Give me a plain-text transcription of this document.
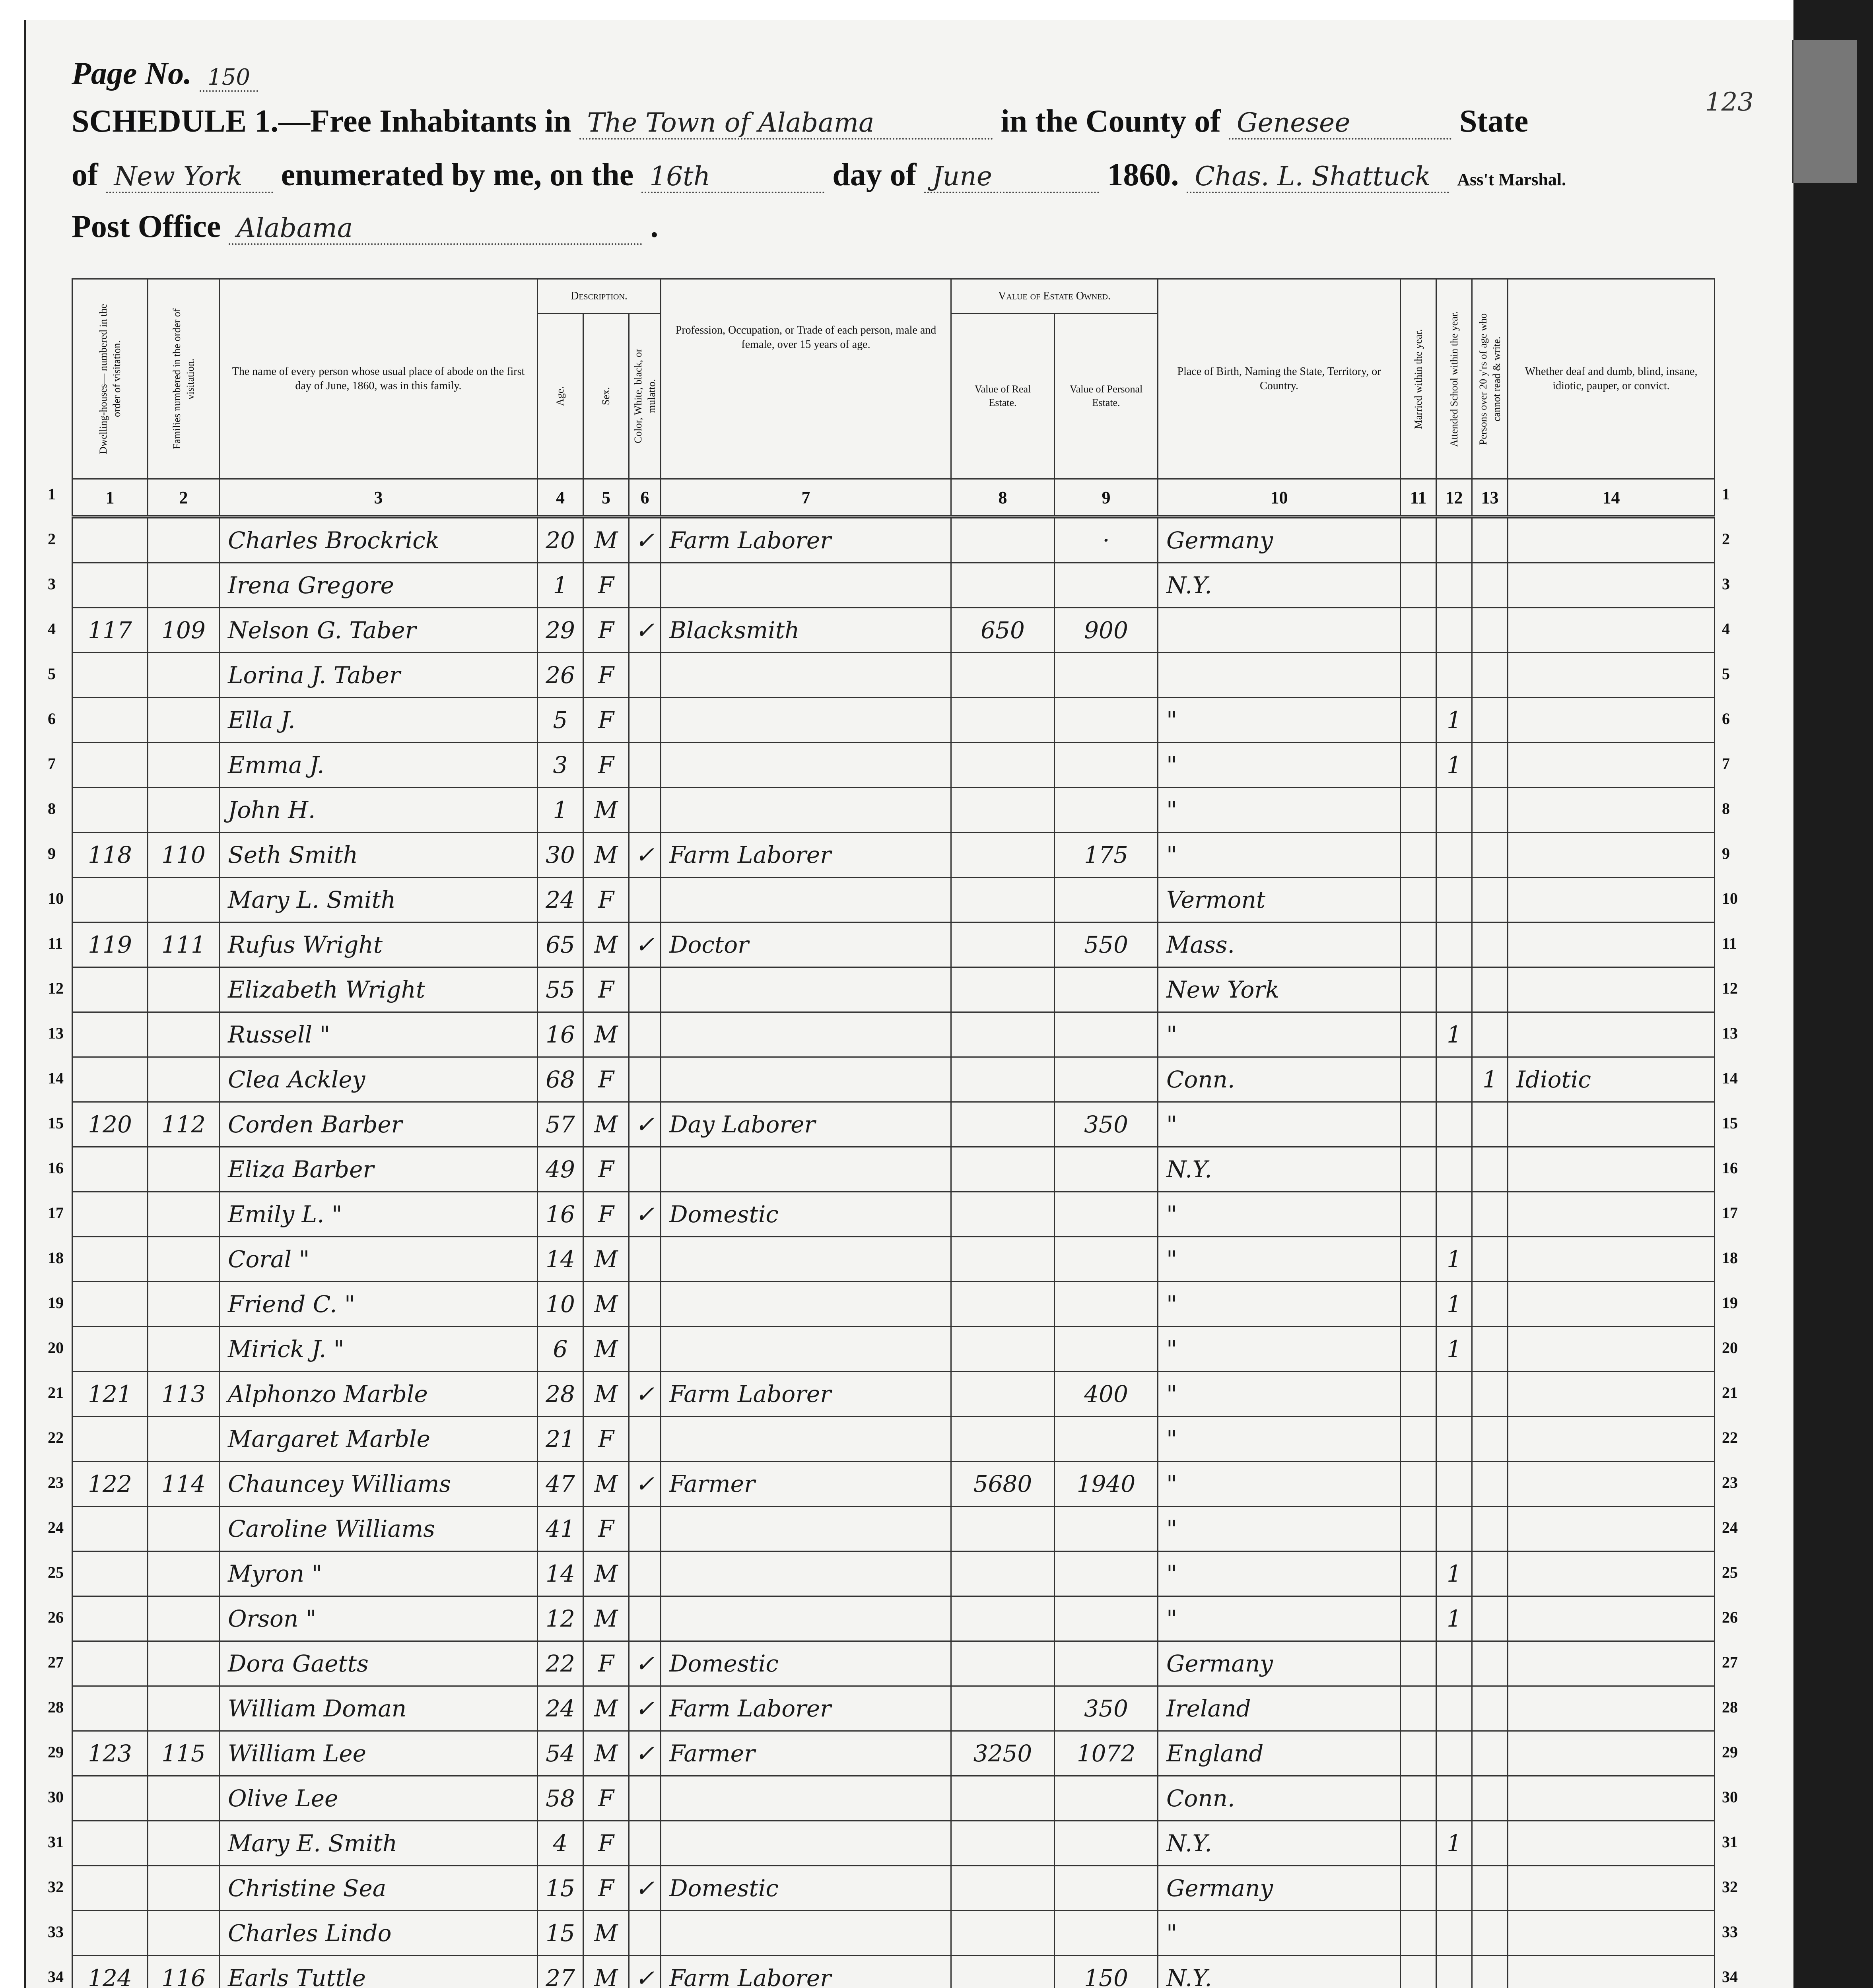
Page No. 150
123
SCHEDULE 1.—Free Inhabitants in The Town of Alabama	in the County of Genesee	State
of New York enumerated by me, on the 16th	day of June	1860. Chas. L. Shattuck Ass't Marshal.
Post Office Alabama	.
Dwelling-houses— numbered in the order of visitation.	Families numbered in the order of visitation.	The name of every person whose usual place of abode on the first day of June, 1860, was in this family.	Description.			Profession, Occupation, or Trade of each person, male and female, over 15 years of age.	Value of Estate Owned.		Place of Birth, Naming the State, Territory, or Country.	Married within the year.	Attended School within the year.	Persons over 20 y'rs of age who cannot read & write.	Whether deaf and dumb, blind, insane, idiotic, pauper, or convict.

			Age.	Sex.	Color, White, black, or mulatto.		Value of Real Estate.	Value of Personal Estate.					
1	2	3	4	5	6	7	8	9	10	11	12	13	14
		Charles Brockrick	20	M	✓	Farm Laborer		·	Germany				
		Irena Gregore	1	F					N.Y.				
117	109	Nelson G. Taber	29	F	✓	Blacksmith	650	900					
		Lorina J. Taber	26	F									
		Ella J.	5	F					"		1		
		Emma J.	3	F					"		1		
		John H.	1	M					"				
118	110	Seth Smith	30	M	✓	Farm Laborer		175	"				
		Mary L. Smith	24	F					Vermont				
119	111	Rufus Wright	65	M	✓	Doctor		550	Mass.				
		Elizabeth Wright	55	F					New York				
		Russell "	16	M					"		1		
		Clea Ackley	68	F					Conn.			1	Idiotic
120	112	Corden Barber	57	M	✓	Day Laborer		350	"				
		Eliza Barber	49	F					N.Y.				
		Emily L. "	16	F	✓	Domestic			"				
		Coral "	14	M					"		1		
		Friend C. "	10	M					"		1		
		Mirick J. "	6	M					"		1		
121	113	Alphonzo Marble	28	M	✓	Farm Laborer		400	"				
		Margaret Marble	21	F					"				
122	114	Chauncey Williams	47	M	✓	Farmer	5680	1940	"				
		Caroline Williams	41	F					"				
		Myron "	14	M					"		1		
		Orson "	12	M					"		1		
		Dora Gaetts	22	F	✓	Domestic			Germany				
		William Doman	24	M	✓	Farm Laborer		350	Ireland				
123	115	William Lee	54	M	✓	Farmer	3250	1072	England				
		Olive Lee	58	F					Conn.				
		Mary E. Smith	4	F					N.Y.		1		
		Christine Sea	15	F	✓	Domestic			Germany				
		Charles Lindo	15	M					"				
124	116	Earls Tuttle	27	M	✓	Farm Laborer		150	N.Y.				

1
2
3
4
5
6
7
8
9
10
11
12
13
14
15
16
17
18
19
20
21
22
23
24
25
26
27
28
29
30
31
32
33
34
1
2
3
4
5
6
7
8
9
10
11
12
13
14
15
16
17
18
19
20
21
22
23
24
25
26
27
28
29
30
31
32
33
34
